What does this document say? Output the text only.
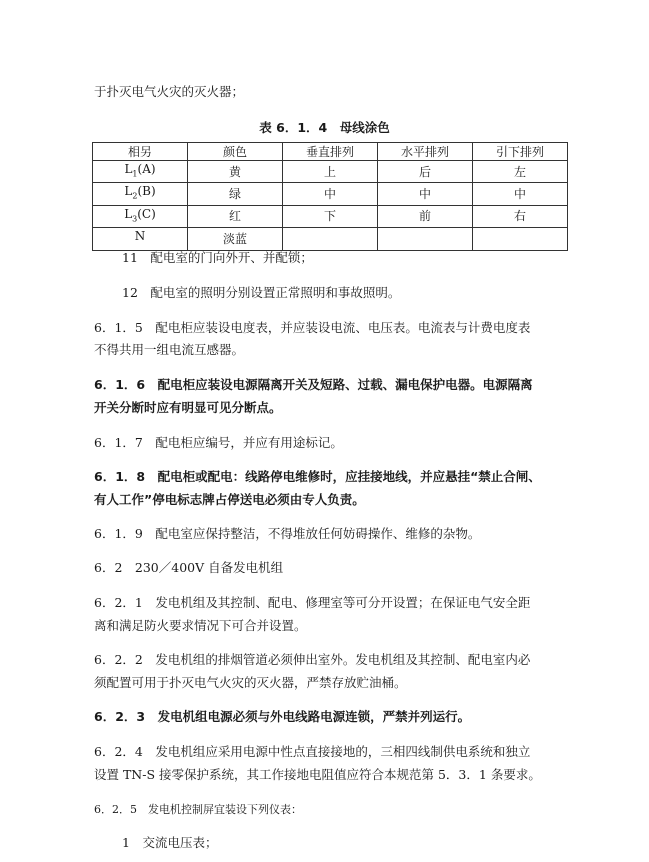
于扑灭电气火灾的灭火器；
表 6．1．4　母线涂色
相另	颜色	垂直排列	水平排列	引下排列
$L_1(A)$	黄	上	后	左
$L_2(B)$	绿	中	中	中
$L_3(C)$	红	下	前	右
N	淡蓝			
11　配电室的门向外开、并配锁；
12　配电室的照明分别设置正常照明和事故照明。
6．1．5　配电柜应装设电度表，并应装设电流、电压表。电流表与计费电度表
不得共用一组电流互感器。
6．1．6　配电柜应装设电源隔离开关及短路、过载、漏电保护电器。电源隔离
开关分断时应有明显可见分断点。
6．1．7　配电柜应编号，并应有用途标记。
6．1．8　配电柜或配电：线路停电维修时，应挂接地线，并应悬挂“禁止合闸、
有人工作”停电标志牌占停送电必须由专人负责。
6．1．9　配电室应保持整洁，不得堆放任何妨碍操作、维修的杂物。
6．2　230／400V 自备发电机组
6．2．1　发电机组及其控制、配电、修理室等可分开设置；在保证电气安全距
离和满足防火要求情况下可合并设置。
6．2．2　发电机组的排烟管道必须伸出室外。发电机组及其控制、配电室内必
须配置可用于扑灭电气火灾的灭火器，严禁存放贮油桶。
6．2．3　发电机组电源必须与外电线路电源连锁，严禁并列运行。
6．2．4　发电机组应采用电源中性点直接接地的，三相四线制供电系统和独立
设置 TN-S 接零保护系统，其工作接地电阻值应符合本规范第 5．3．1 条要求。
6．2．5　发电机控制屏宜装设下列仪表：
1　交流电压表；
